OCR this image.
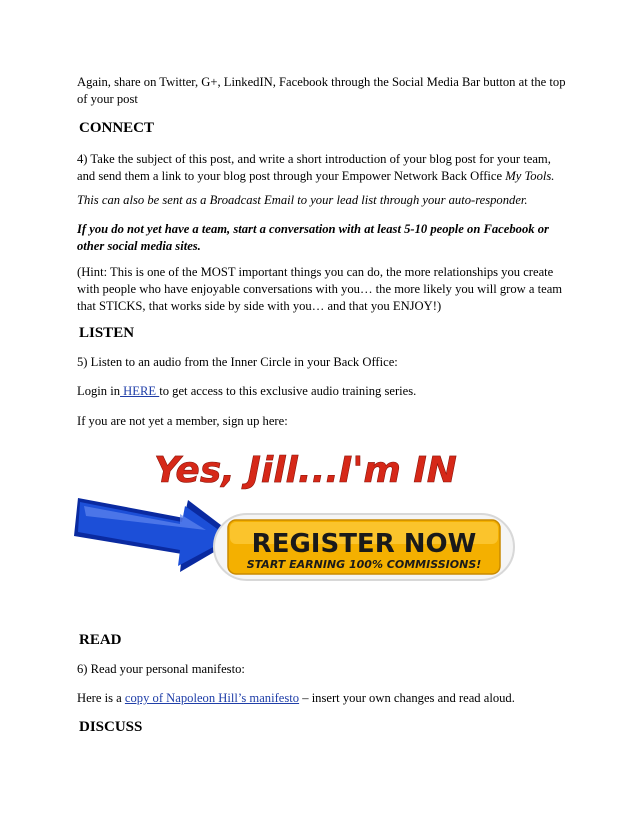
Again, share on Twitter, G+, LinkedIN, Facebook through the Social Media Bar button at the top of your post

CONNECT

4) Take the subject of this post, and write a short introduction of your blog post for your team, and send them a link to your blog post through your Empower Network Back Office My Tools.

This can also be sent as a Broadcast Email to your lead list through your auto-responder.

If you do not yet have a team, start a conversation with at least 5-10 people on Facebook or other social media sites.

(Hint: This is one of the MOST important things you can do, the more relationships you create with people who have enjoyable conversations with you… the more likely you will grow a team that STICKS, that works side by side with you… and that you ENJOY!)

LISTEN

5) Listen to an audio from the Inner Circle in your Back Office:

Login in HERE to get access to this exclusive audio training series.

If you are not yet a member, sign up here:

Yes, Jill...I'm IN
REGISTER NOW
START EARNING 100% COMMISSIONS!
READ

6) Read your personal manifesto:

Here is a copy of Napoleon Hill’s manifesto – insert your own changes and read aloud.

DISCUSS
